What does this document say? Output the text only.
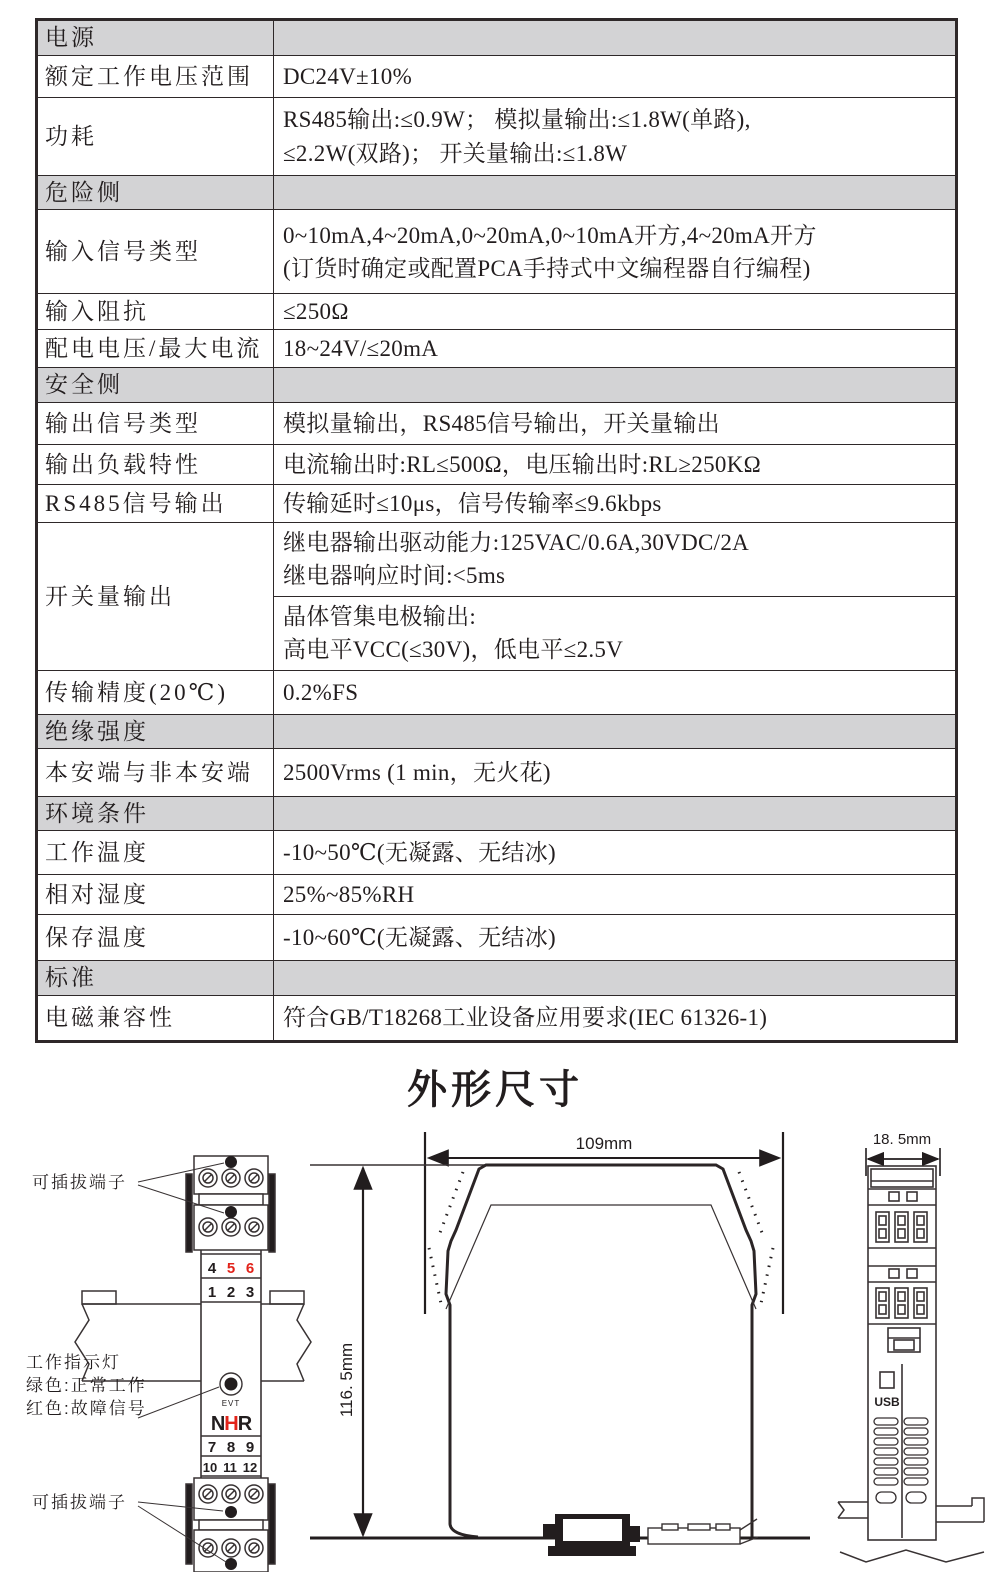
电源	
额定工作电压范围	DC24V±10%
功耗	RS485输出:≤0.9W； 模拟量输出:≤1.8W(单路),
≤2.2W(双路)； 开关量输出:≤1.8W

危险侧	
输入信号类型	0~10mA,4~20mA,0~20mA,0~10mA开方,4~20mA开方
(订货时确定或配置PCA手持式中文编程器自行编程)

输入阻抗	≤250Ω
配电电压/最大电流	18~24V/≤20mA
安全侧	
输出信号类型	模拟量输出，RS485信号输出，开关量输出
输出负载特性	电流输出时:RL≤500Ω，电压输出时:RL≥250KΩ
RS485信号输出	传输延时≤10μs，信号传输率≤9.6kbps
开关量输出	继电器输出驱动能力:125VAC/0.6A,30VDC/2A
继电器响应时间:<5ms

	晶体管集电极输出:
高电平VCC(≤30V)，低电平≤2.5V

传输精度(20℃)	0.2%FS
绝缘强度	
本安端与非本安端	2500Vrms (1 min，无火花)
环境条件	
工作温度	-10~50℃(无凝露、无结冰)
相对湿度	25%~85%RH
保存温度	-10~60℃(无凝露、无结冰)
标准	
电磁兼容性	符合GB/T18268工业设备应用要求(IEC 61326-1)
外形尺寸
5
4 6
1 2 3
EVT
NHR
7 8 9
10 11 12
可插拔端子
工作指示灯
绿色:正常工作
红色:故障信号
可插拔端子
109mm
116. 5mm
18. 5mm
USB
